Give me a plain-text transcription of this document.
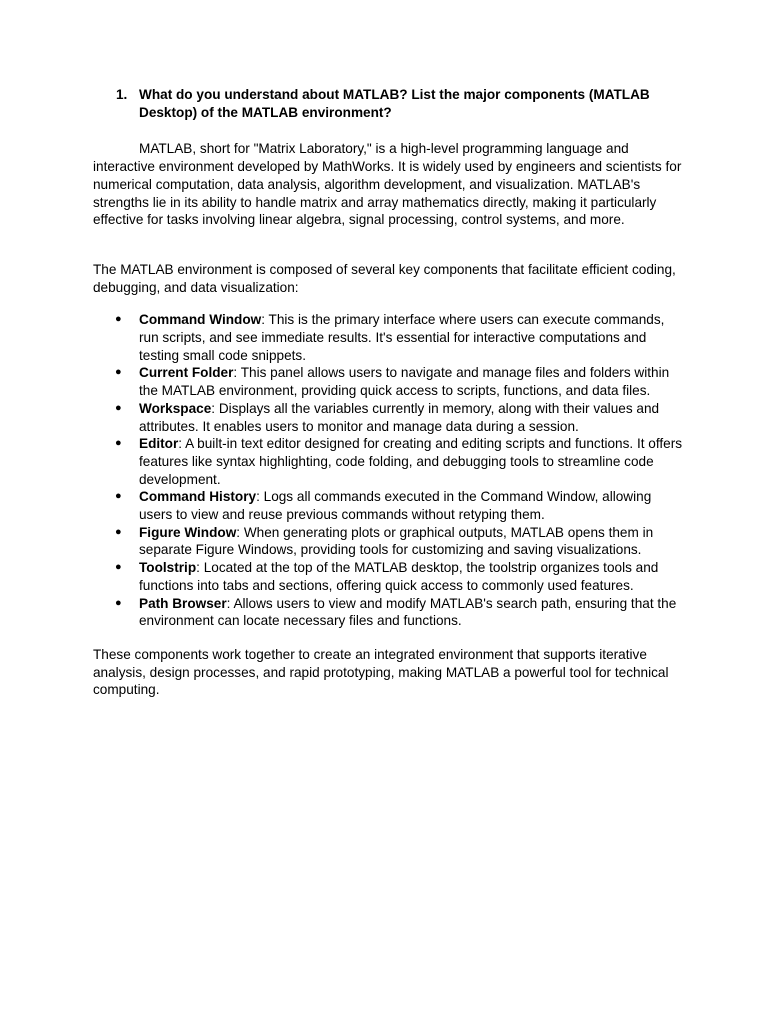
1. What do you understand about MATLAB? List the major components (MATLAB Desktop) of the MATLAB environment?

MATLAB, short for "Matrix Laboratory," is a high-level programming language and interactive environment developed by MathWorks. It is widely used by engineers and scientists for numerical computation, data analysis, algorithm development, and visualization. MATLAB's strengths lie in its ability to handle matrix and array mathematics directly, making it particularly effective for tasks involving linear algebra, signal processing, control systems, and more.

The MATLAB environment is composed of several key components that facilitate efficient coding, debugging, and data visualization:

●	Command Window: This is the primary interface where users can execute commands, run scripts, and see immediate results. It's essential for interactive computations and testing small code snippets.
●	Current Folder: This panel allows users to navigate and manage files and folders within the MATLAB environment, providing quick access to scripts, functions, and data files.
●	Workspace: Displays all the variables currently in memory, along with their values and attributes. It enables users to monitor and manage data during a session.
●	Editor: A built-in text editor designed for creating and editing scripts and functions. It offers features like syntax highlighting, code folding, and debugging tools to streamline code development.
●	Command History: Logs all commands executed in the Command Window, allowing users to view and reuse previous commands without retyping them.
●	Figure Window: When generating plots or graphical outputs, MATLAB opens them in separate Figure Windows, providing tools for customizing and saving visualizations.
●	Toolstrip: Located at the top of the MATLAB desktop, the toolstrip organizes tools and functions into tabs and sections, offering quick access to commonly used features.
●	Path Browser: Allows users to view and modify MATLAB's search path, ensuring that the environment can locate necessary files and functions.

These components work together to create an integrated environment that supports iterative analysis, design processes, and rapid prototyping, making MATLAB a powerful tool for technical computing.
